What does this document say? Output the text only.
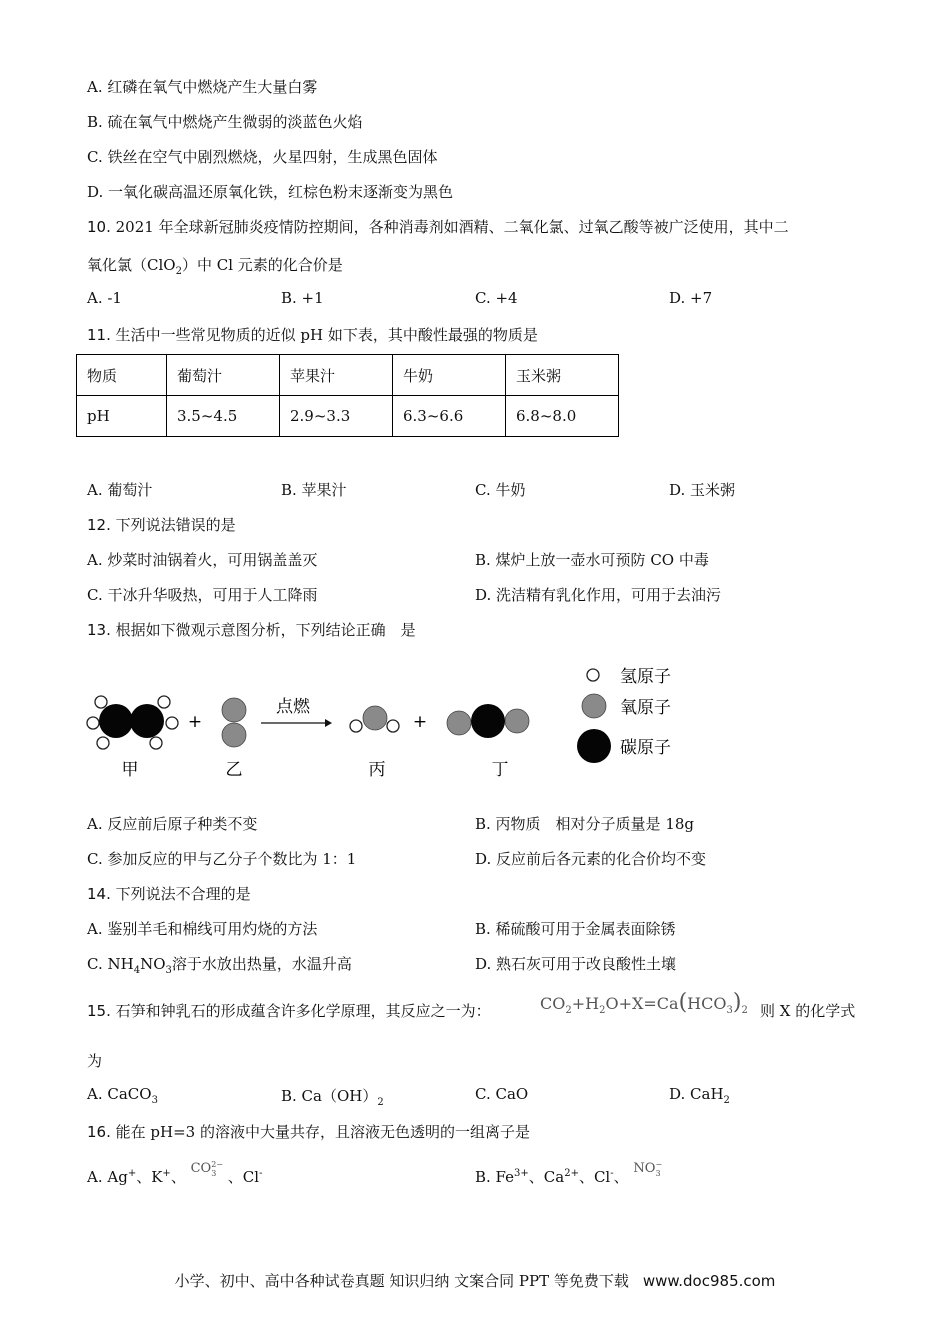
A. 红磷在氧气中燃烧产生大量白雾
B. 硫在氧气中燃烧产生微弱的淡蓝色火焰
C. 铁丝在空气中剧烈燃烧，火星四射，生成黑色固体
D. 一氧化碳高温还原氧化铁，红棕色粉末逐渐变为黑色
10. 2021 年全球新冠肺炎疫情防控期间，各种消毒剂如酒精、二氧化氯、过氧乙酸等被广泛使用，其中二
氧化氯（ClO$_2$）中 Cl 元素的化合价是
A. -1	B. +1	C. +4	D. +7
11. 生活中一些常见物质的近似 pH 如下表，其中酸性最强的物质是
物质	葡萄汁	苹果汁	牛奶	玉米粥
pH	3.5~4.5	2.9~3.3	6.3~6.6	6.8~8.0
A. 葡萄汁	B. 苹果汁	C. 牛奶	D. 玉米粥
12. 下列说法错误的是
A. 炒菜时油锅着火，可用锅盖盖灭	B. 煤炉上放一壶水可预防 CO 中毒
C. 干冰升华吸热，可用于人工降雨	D. 洗洁精有乳化作用，可用于去油污
13. 根据如下微观示意图分析，下列结论正确　是
+
点燃
+
甲	乙	丙	丁
氢原子
氧原子
碳原子
A. 反应前后原子种类不变	B. 丙物质　相对分子质量是 18g
C. 参加反应的甲与乙分子个数比为 1：1	D. 反应前后各元素的化合价均不变
14. 下列说法不合理的是
A. 鉴别羊毛和棉线可用灼烧的方法	B. 稀硫酸可用于金属表面除锈
C. $NH_4NO_3$溶于水放出热量，水温升高	D. 熟石灰可用于改良酸性土壤
15. 石笋和钟乳石的形成蕴含许多化学原理，其反应之一为：	$CO_2+H_2O+X=Ca(HCO_3)_2$ 则 X 的化学式
为
A. CaCO$_3$	B. $Ca(OH)_2$	C. CaO	D. CaH$_2$
16. 能在 pH=3 的溶液中大量共存，且溶液无色透明的一组离子是
A. Ag+、K+、 CO 2−
3 、Cl-	B. $Fe^{3+}$、$Ca^{2+}$、Cl-、 NO −
3
小学、初中、高中各种试卷真题 知识归纳 文案合同 PPT 等免费下载 www.doc985.com
